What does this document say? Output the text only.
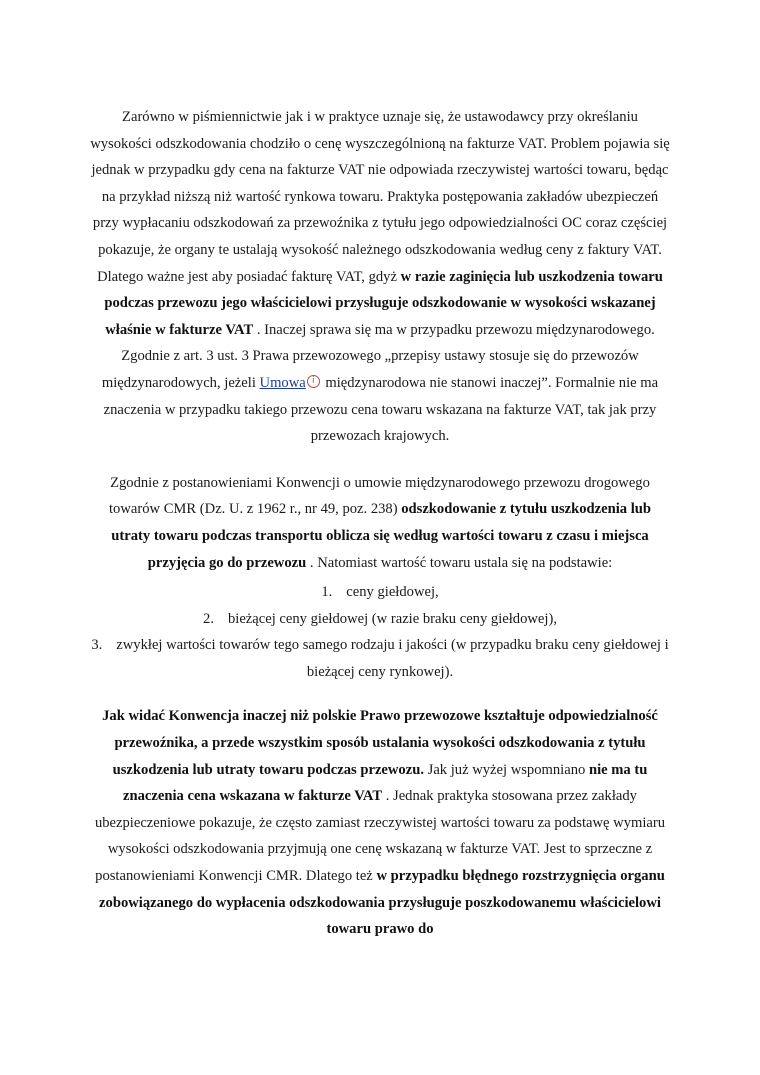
Zarówno w piśmiennictwie jak i w praktyce uznaje się, że ustawodawcy przy określaniu wysokości odszkodowania chodziło o cenę wyszczególnioną na fakturze VAT. Problem pojawia się jednak w przypadku gdy cena na fakturze VAT nie odpowiada rzeczywistej wartości towaru, będąc na przykład niższą niż wartość rynkowa towaru. Praktyka postępowania zakładów ubezpieczeń przy wypłacaniu odszkodowań za przewoźnika z tytułu jego odpowiedzialności OC coraz częściej pokazuje, że organy te ustalają wysokość należnego odszkodowania według ceny z faktury VAT. Dlatego ważne jest aby posiadać fakturę VAT, gdyż w razie zaginięcia lub uszkodzenia towaru podczas przewozu jego właścicielowi przysługuje odszkodowanie w wysokości wskazanej właśnie w fakturze VAT . Inaczej sprawa się ma w przypadku przewozu międzynarodowego. Zgodnie z art. 3 ust. 3 Prawa przewozowego „przepisy ustawy stosuje się do przewozów międzynarodowych, jeżeli Umowa i międzynarodowa nie stanowi inaczej”. Formalnie nie ma znaczenia w przypadku takiego przewozu cena towaru wskazana na fakturze VAT, tak jak przy przewozach krajowych.

Zgodnie z postanowieniami Konwencji o umowie międzynarodowego przewozu drogowego towarów CMR (Dz. U. z 1962 r., nr 49, poz. 238) odszkodowanie z tytułu uszkodzenia lub utraty towaru podczas transportu oblicza się według wartości towaru z czasu i miejsca przyjęcia go do przewozu . Natomiast wartość towaru ustala się na podstawie:

1. ceny giełdowej,
2. bieżącej ceny giełdowej (w razie braku ceny giełdowej),
3. zwykłej wartości towarów tego samego rodzaju i jakości (w przypadku braku ceny giełdowej i bieżącej ceny rynkowej).

Jak widać Konwencja inaczej niż polskie Prawo przewozowe kształtuje odpowiedzialność przewoźnika, a przede wszystkim sposób ustalania wysokości odszkodowania z tytułu uszkodzenia lub utraty towaru podczas przewozu. Jak już wyżej wspomniano nie ma tu znaczenia cena wskazana w fakturze VAT . Jednak praktyka stosowana przez zakłady ubezpieczeniowe pokazuje, że często zamiast rzeczywistej wartości towaru za podstawę wymiaru wysokości odszkodowania przyjmują one cenę wskazaną w fakturze VAT. Jest to sprzeczne z postanowieniami Konwencji CMR. Dlatego też w przypadku błędnego rozstrzygnięcia organu zobowiązanego do wypłacenia odszkodowania przysługuje poszkodowanemu właścicielowi towaru prawo do
